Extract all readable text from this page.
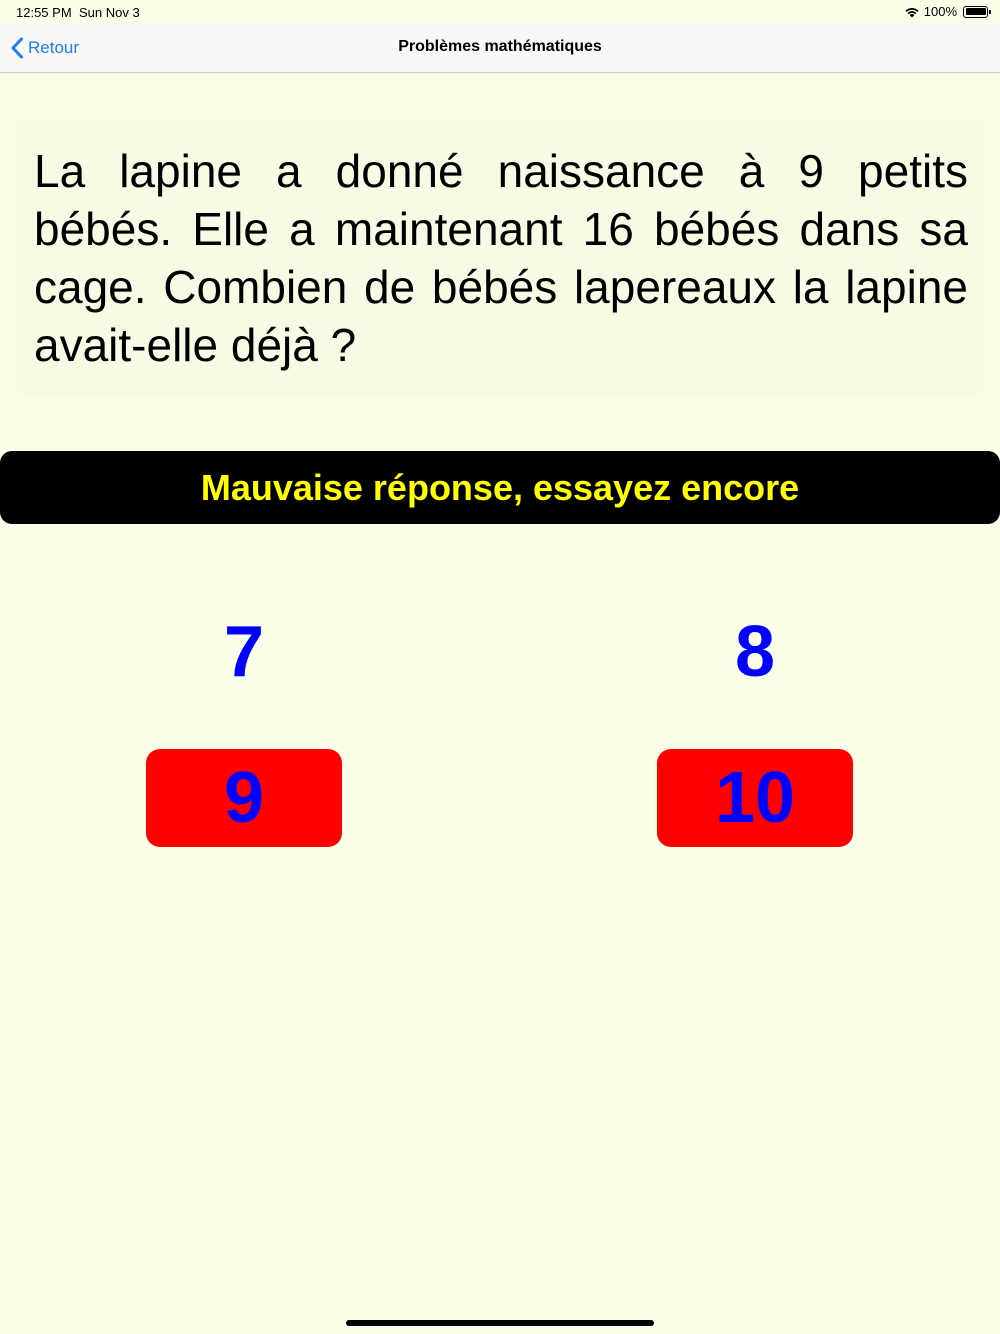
12:55 PM Sun Nov 3	100%
Retour	Problèmes mathématiques

La lapine a donné naissance à 9 petits bébés. Elle a maintenant 16 bébés dans sa cage. Combien de bébés lapereaux la lapine avait-elle déjà ?

Mauvaise réponse, essayez encore
7	8
9	10
